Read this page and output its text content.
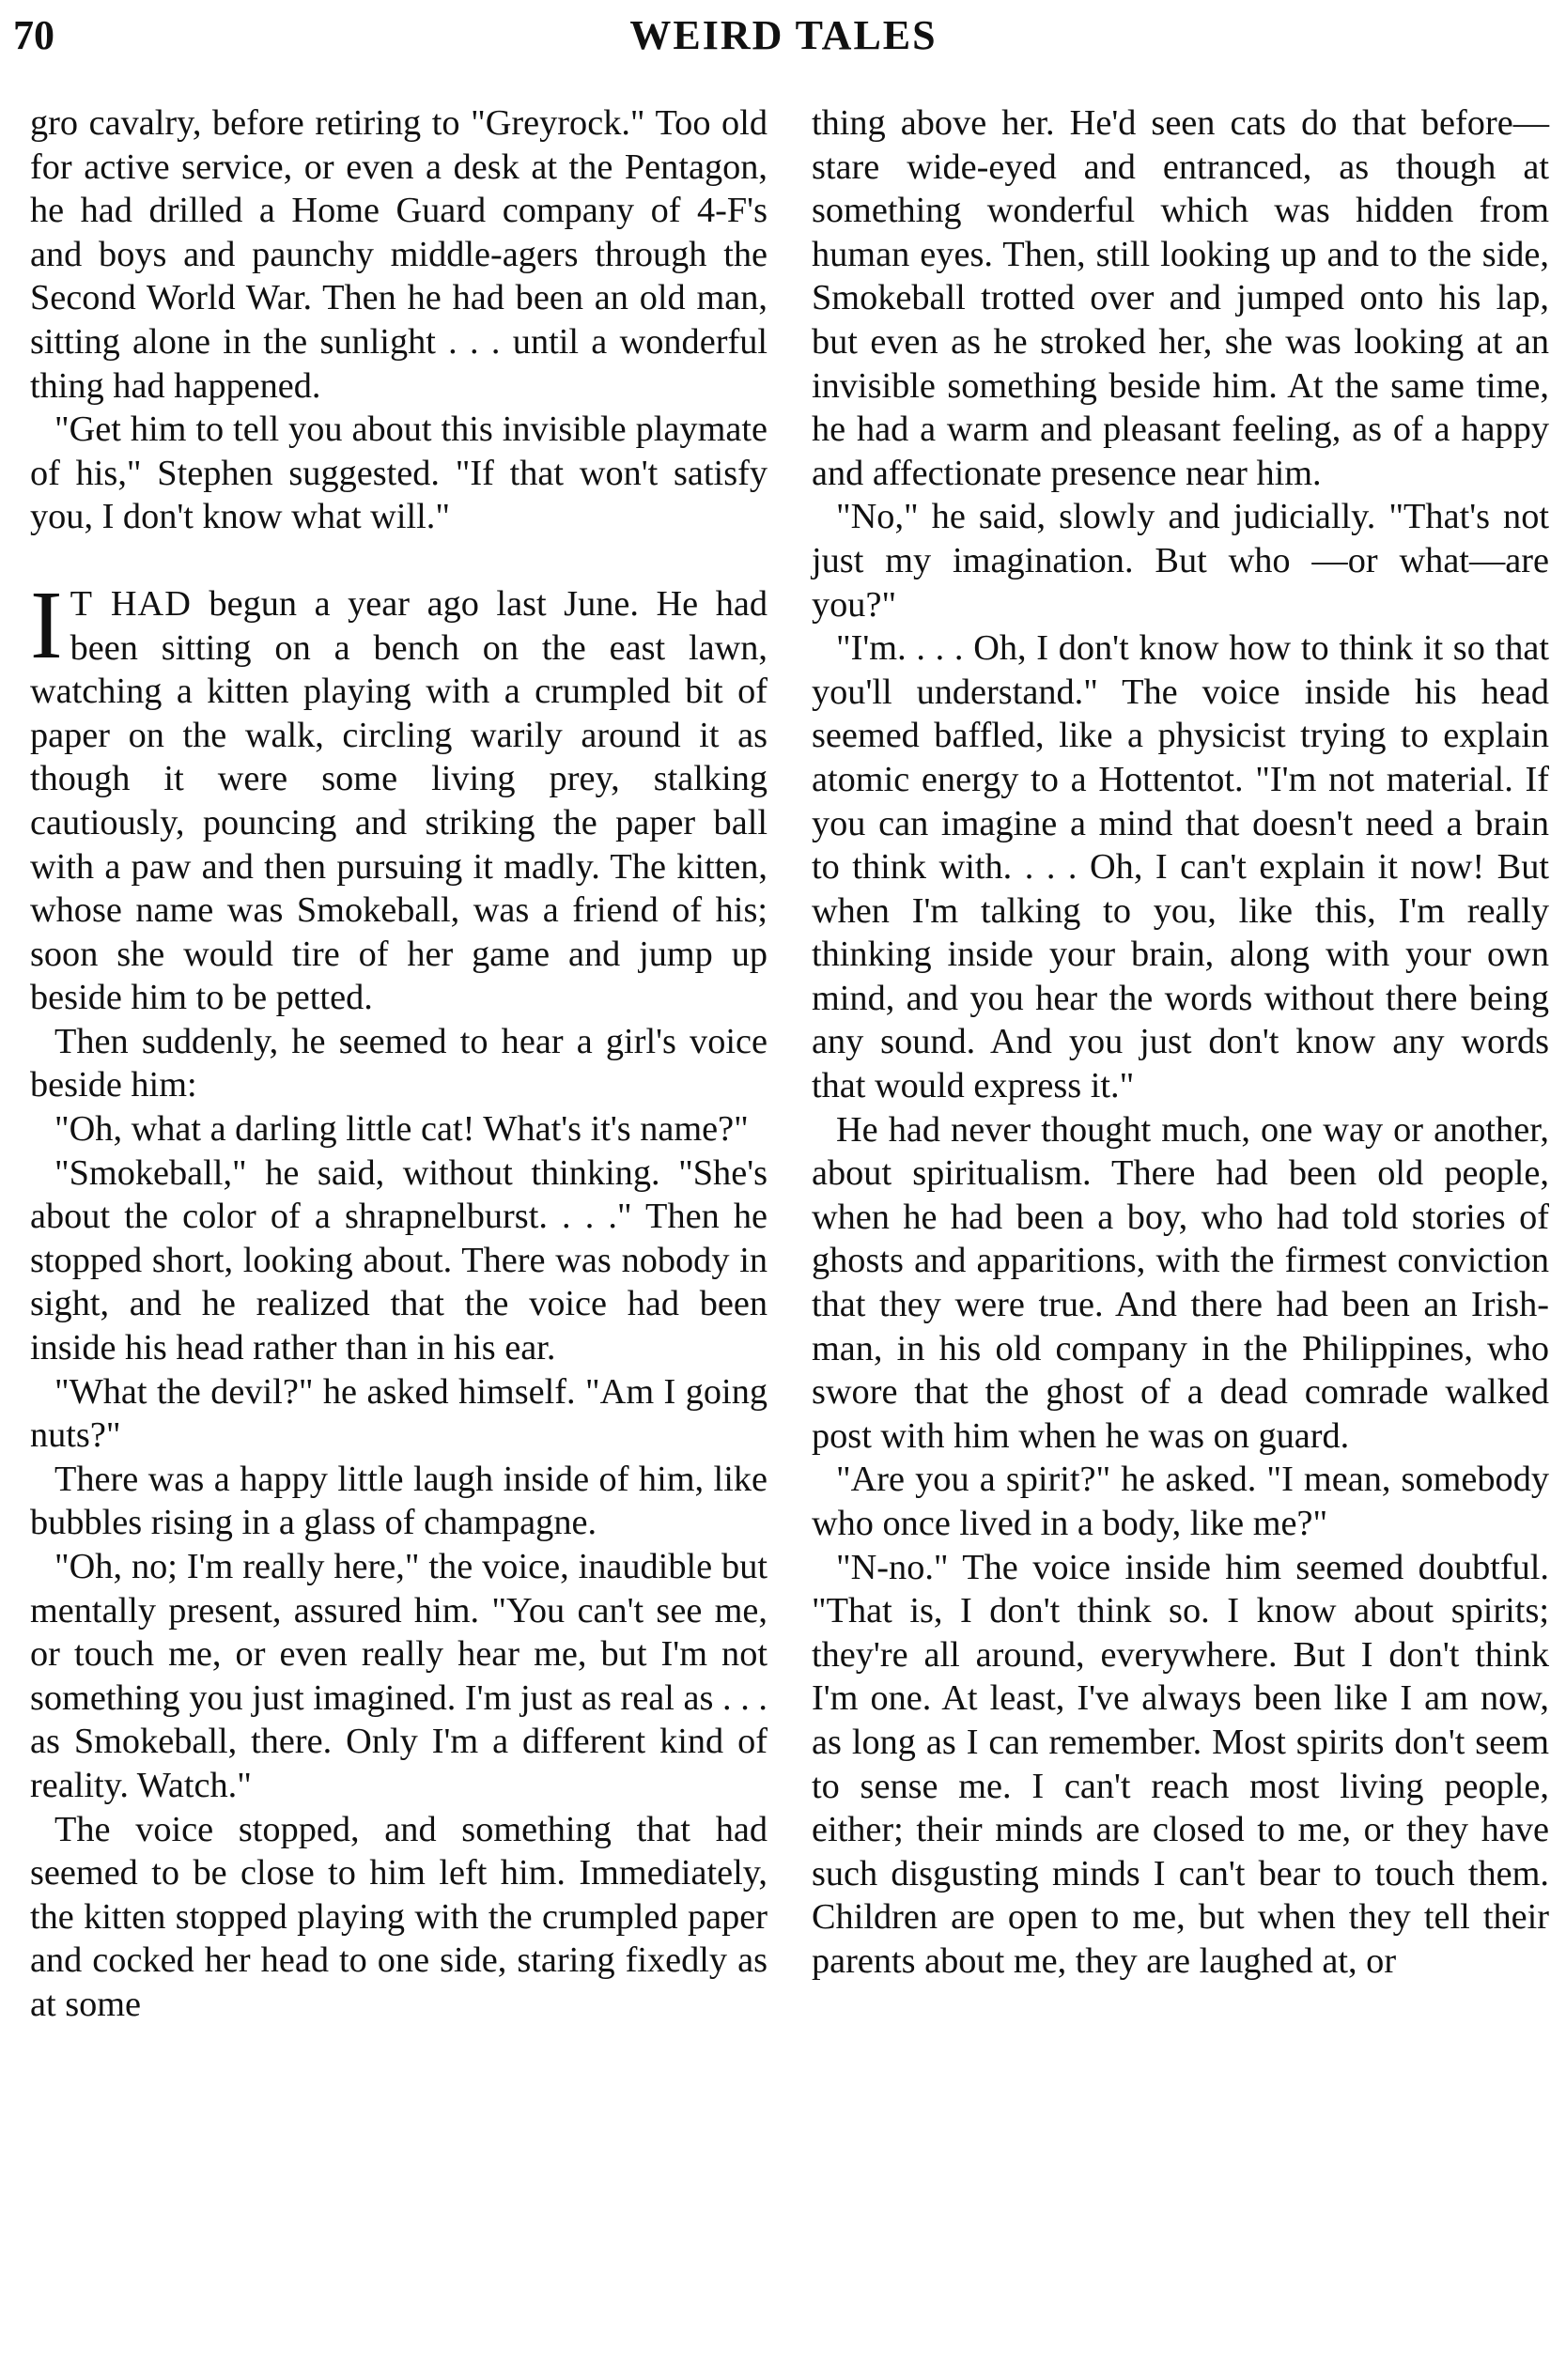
70	WEIRD TALES

gro cavalry, before retiring to "Greyrock." Too old for active service, or even a desk at the Pentagon, he had drilled a Home Guard company of 4-F's and boys and paunchy middle-agers through the Second World War. Then he had been an old man, sitting alone in the sunlight . . . until a wonderful thing had happened.

"Get him to tell you about this invisible playmate of his," Stephen suggested. "If that won't satisfy you, I don't know what will."

I T HAD begun a year ago last June. He had been sitting on a bench on the east lawn, watching a kitten playing with a crumpled bit of paper on the walk, circling warily around it as though it were some living prey, stalking cautiously, pouncing and striking the paper ball with a paw and then pursuing it madly. The kitten, whose name was Smokeball, was a friend of his; soon she would tire of her game and jump up beside him to be petted.

Then suddenly, he seemed to hear a girl's voice beside him:

"Oh, what a darling little cat! What's it's name?"

"Smokeball," he said, without thinking. "She's about the color of a shrapnelburst. . . ." Then he stopped short, looking about. There was nobody in sight, and he realized that the voice had been inside his head rather than in his ear.

"What the devil?" he asked himself. "Am I going nuts?"

There was a happy little laugh inside of him, like bubbles rising in a glass of champagne.

"Oh, no; I'm really here," the voice, inaudible but mentally present, assured him. "You can't see me, or touch me, or even really hear me, but I'm not something you just imagined. I'm just as real as . . . as Smokeball, there. Only I'm a different kind of reality. Watch."

The voice stopped, and something that had seemed to be close to him left him. Immediately, the kitten stopped playing with the crumpled paper and cocked her head to one side, staring fixedly as at some

thing above her. He'd seen cats do that before—stare wide-eyed and entranced, as though at something wonderful which was hidden from human eyes. Then, still looking up and to the side, Smokeball trotted over and jumped onto his lap, but even as he stroked her, she was looking at an invisible something beside him. At the same time, he had a warm and pleasant feeling, as of a happy and affectionate presence near him.

"No," he said, slowly and judicially. "That's not just my imagination. But who —or what—are you?"

"I'm. . . . Oh, I don't know how to think it so that you'll understand." The voice inside his head seemed baffled, like a physicist trying to explain atomic energy to a Hottentot. "I'm not material. If you can imagine a mind that doesn't need a brain to think with. . . . Oh, I can't explain it now! But when I'm talking to you, like this, I'm really thinking inside your brain, along with your own mind, and you hear the words without there being any sound. And you just don't know any words that would express it."

He had never thought much, one way or another, about spiritualism. There had been old people, when he had been a boy, who had told stories of ghosts and apparitions, with the firmest conviction that they were true. And there had been an Irishman, in his old company in the Philippines, who swore that the ghost of a dead comrade walked post with him when he was on guard.

"Are you a spirit?" he asked. "I mean, somebody who once lived in a body, like me?"

"N-no." The voice inside him seemed doubtful. "That is, I don't think so. I know about spirits; they're all around, everywhere. But I don't think I'm one. At least, I've always been like I am now, as long as I can remember. Most spirits don't seem to sense me. I can't reach most living people, either; their minds are closed to me, or they have such disgusting minds I can't bear to touch them. Children are open to me, but when they tell their parents about me, they are laughed at, or
